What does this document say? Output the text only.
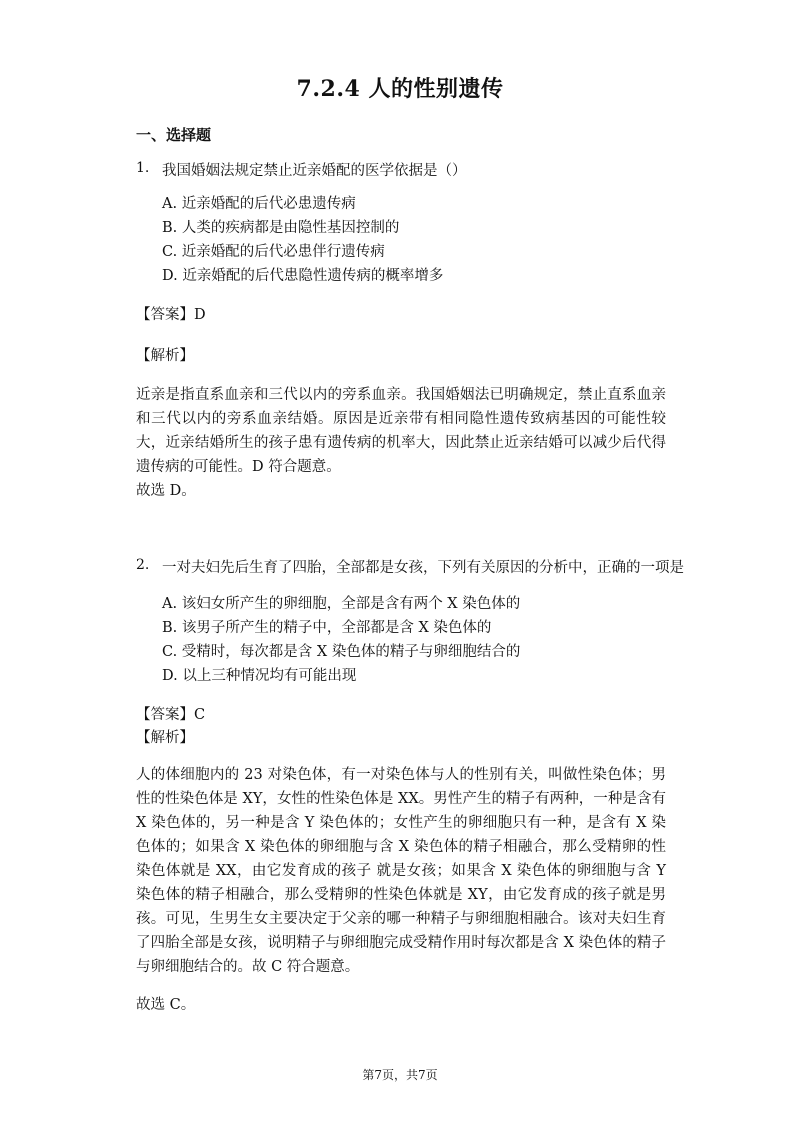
7.2.4 人的性别遗传
一、选择题
1. 我国婚姻法规定禁止近亲婚配的医学依据是（）
A. 近亲婚配的后代必患遗传病
B. 人类的疾病都是由隐性基因控制的
C. 近亲婚配的后代必患伴行遗传病
D. 近亲婚配的后代患隐性遗传病的概率增多
【答案】D
【解析】

近亲是指直系血亲和三代以内的旁系血亲。我国婚姻法已明确规定，禁止直系血亲和三代以内的旁系血亲结婚。原因是近亲带有相同隐性遗传致病基因的可能性较大，近亲结婚所生的孩子患有遗传病的机率大，因此禁止近亲结婚可以减少后代得遗传病的可能性。D 符合题意。

故选 D。

2. 一对夫妇先后生育了四胎，全部都是女孩，下列有关原因的分析中，正确的一项是
A. 该妇女所产生的卵细胞，全部是含有两个 X 染色体的
B. 该男子所产生的精子中，全部都是含 X 染色体的
C. 受精时，每次都是含 X 染色体的精子与卵细胞结合的
D. 以上三种情况均有可能出现
【答案】C
【解析】

人的体细胞内的 23 对染色体，有一对染色体与人的性别有关，叫做性染色体；男性的性染色体是 XY，女性的性染色体是 XX。男性产生的精子有两种，一种是含有 X 染色体的，另一种是含 Y 染色体的；女性产生的卵细胞只有一种，是含有 X 染色体的；如果含 X 染色体的卵细胞与含 X 染色体的精子相融合，那么受精卵的性染色体就是 XX，由它发育成的孩子 就是女孩；如果含 X 染色体的卵细胞与含 Y 染色体的精子相融合，那么受精卵的性染色体就是 XY，由它发育成的孩子就是男孩。可见，生男生女主要决定于父亲的哪一种精子与卵细胞相融合。该对夫妇生育了四胎全部是女孩，说明精子与卵细胞完成受精作用时每次都是含 X 染色体的精子与卵细胞结合的。故 C 符合题意。

故选 C。

第7页，共7页
